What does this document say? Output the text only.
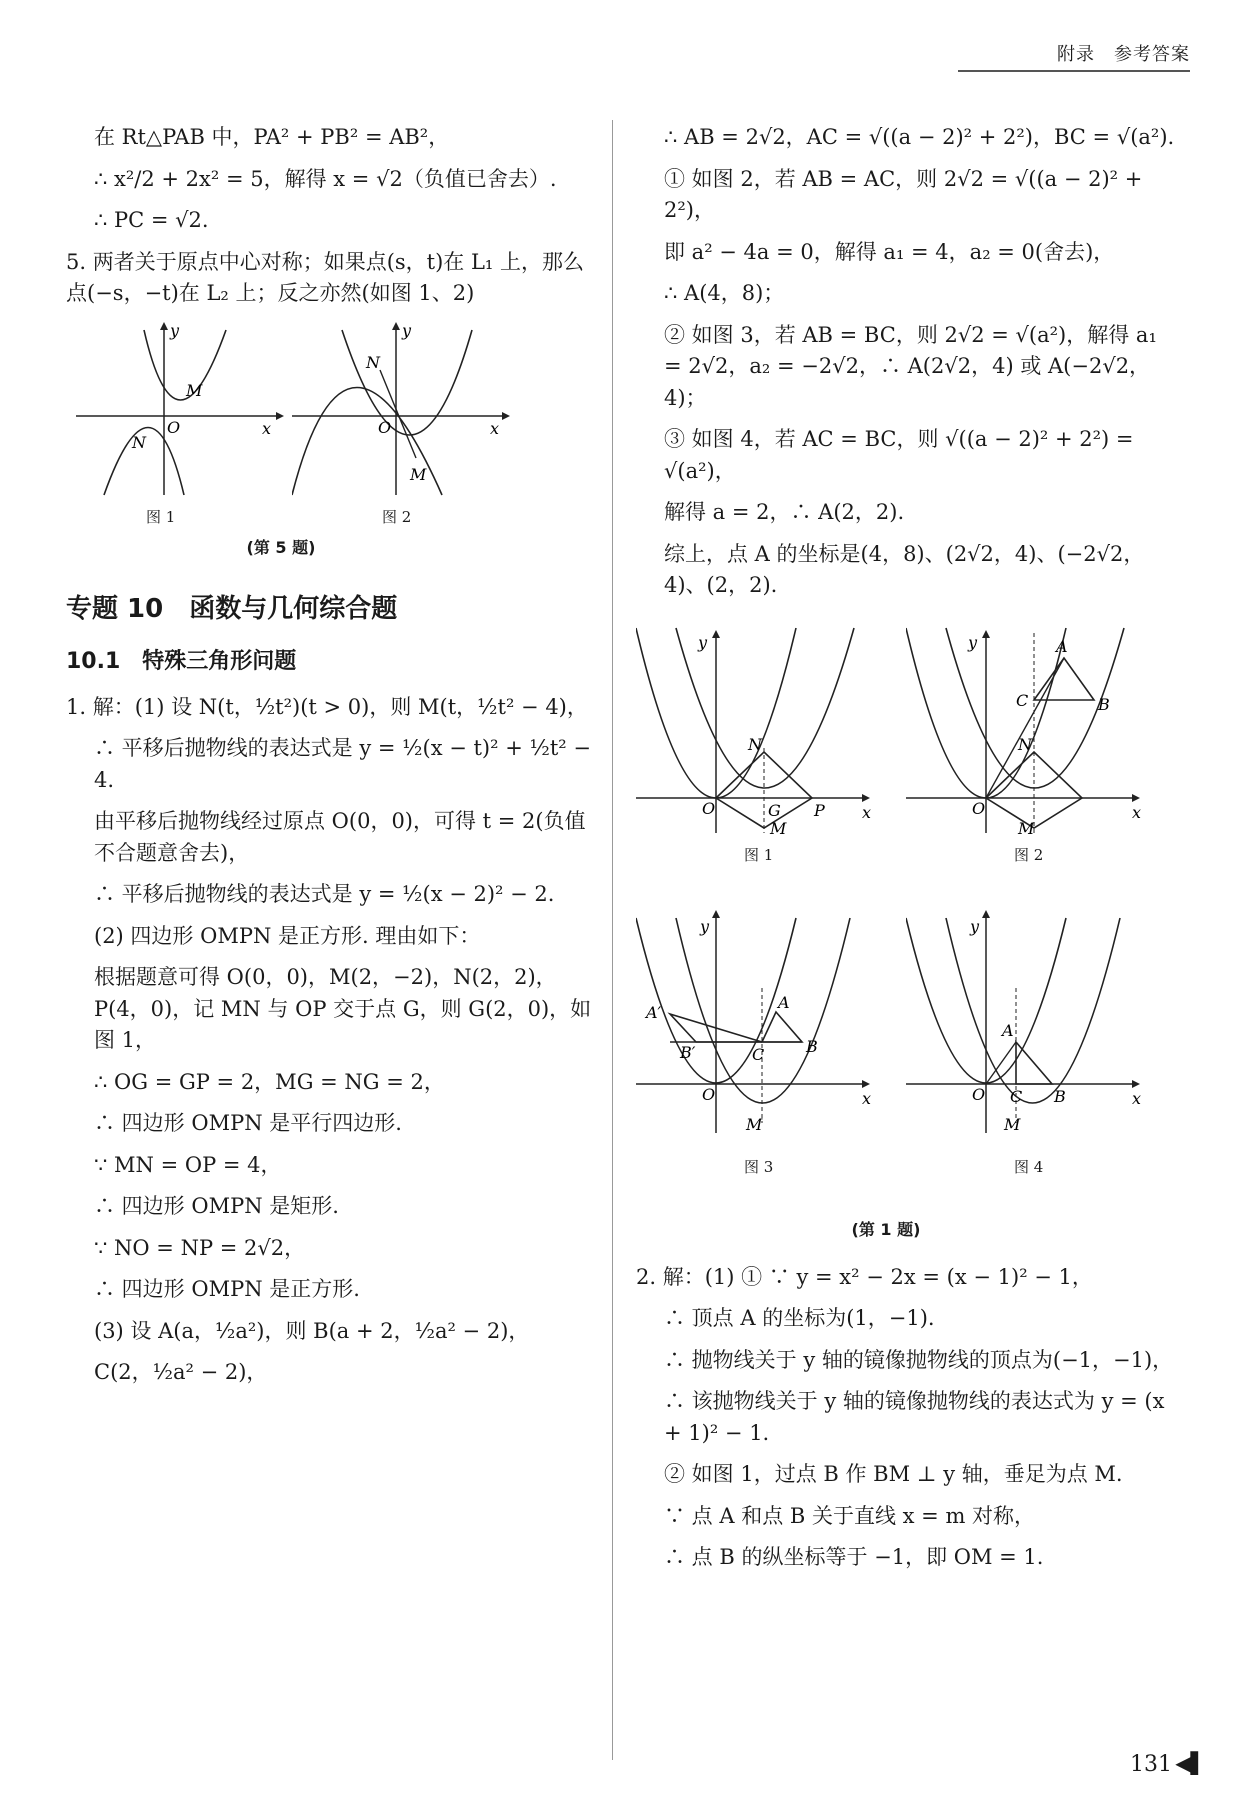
附录　参考答案
在 Rt△PAB 中，PA² + PB² = AB²，
∴ x²/2 + 2x² = 5，解得 x = √2（负值已舍去）.
∴ PC = √2.
5. 两者关于原点中心对称；如果点(s，t)在 L₁ 上，那么点(−s，−t)在 L₂ 上；反之亦然(如图 1、2)
y
x
O
M
N
y
x
O
N
M
图 1	图 2
(第 5 题)
专题 10　函数与几何综合题
10.1　特殊三角形问题
1. 解：(1) 设 N(t，½t²)(t > 0)，则 M(t，½t² − 4)，
∴ 平移后抛物线的表达式是 y = ½(x − t)² + ½t² − 4.
由平移后抛物线经过原点 O(0，0)，可得 t = 2(负值不合题意舍去)，
∴ 平移后抛物线的表达式是 y = ½(x − 2)² − 2.
(2) 四边形 OMPN 是正方形. 理由如下：
根据题意可得 O(0，0)，M(2，−2)，N(2，2)，P(4，0)，记 MN 与 OP 交于点 G，则 G(2，0)，如图 1，
∴ OG = GP = 2，MG = NG = 2，
∴ 四边形 OMPN 是平行四边形.
∵ MN = OP = 4，
∴ 四边形 OMPN 是矩形.
∵ NO = NP = 2√2，
∴ 四边形 OMPN 是正方形.
(3) 设 A(a，½a²)，则 B(a + 2，½a² − 2)，
C(2，½a² − 2)，
∴ AB = 2√2，AC = √((a − 2)² + 2²)，BC = √(a²).
① 如图 2，若 AB = AC，则 2√2 = √((a − 2)² + 2²)，
即 a² − 4a = 0，解得 a₁ = 4，a₂ = 0(舍去)，
∴ A(4，8)；
② 如图 3，若 AB = BC，则 2√2 = √(a²)，解得 a₁ = 2√2，a₂ = −2√2，∴ A(2√2，4) 或 A(−2√2，4)；
③ 如图 4，若 AC = BC，则 √((a − 2)² + 2²) = √(a²)，
解得 a = 2，∴ A(2，2).
综上，点 A 的坐标是(4，8)、(2√2，4)、(−2√2，4)、(2，2).
y
x
O
N
G P
M
图 1
y
x
O
N
M
A
B
C
图 2
y
x
O
A′
B′	C
A
B
M
图 3
y
x
O
A
C B
M
图 4
(第 1 题)
2. 解：(1) ① ∵ y = x² − 2x = (x − 1)² − 1，
∴ 顶点 A 的坐标为(1，−1).
∴ 抛物线关于 y 轴的镜像抛物线的顶点为(−1，−1)，
∴ 该抛物线关于 y 轴的镜像抛物线的表达式为 y = (x + 1)² − 1.
② 如图 1，过点 B 作 BM ⊥ y 轴，垂足为点 M.
∵ 点 A 和点 B 关于直线 x = m 对称，
∴ 点 B 的纵坐标等于 −1，即 OM = 1.
131 ◀▌
